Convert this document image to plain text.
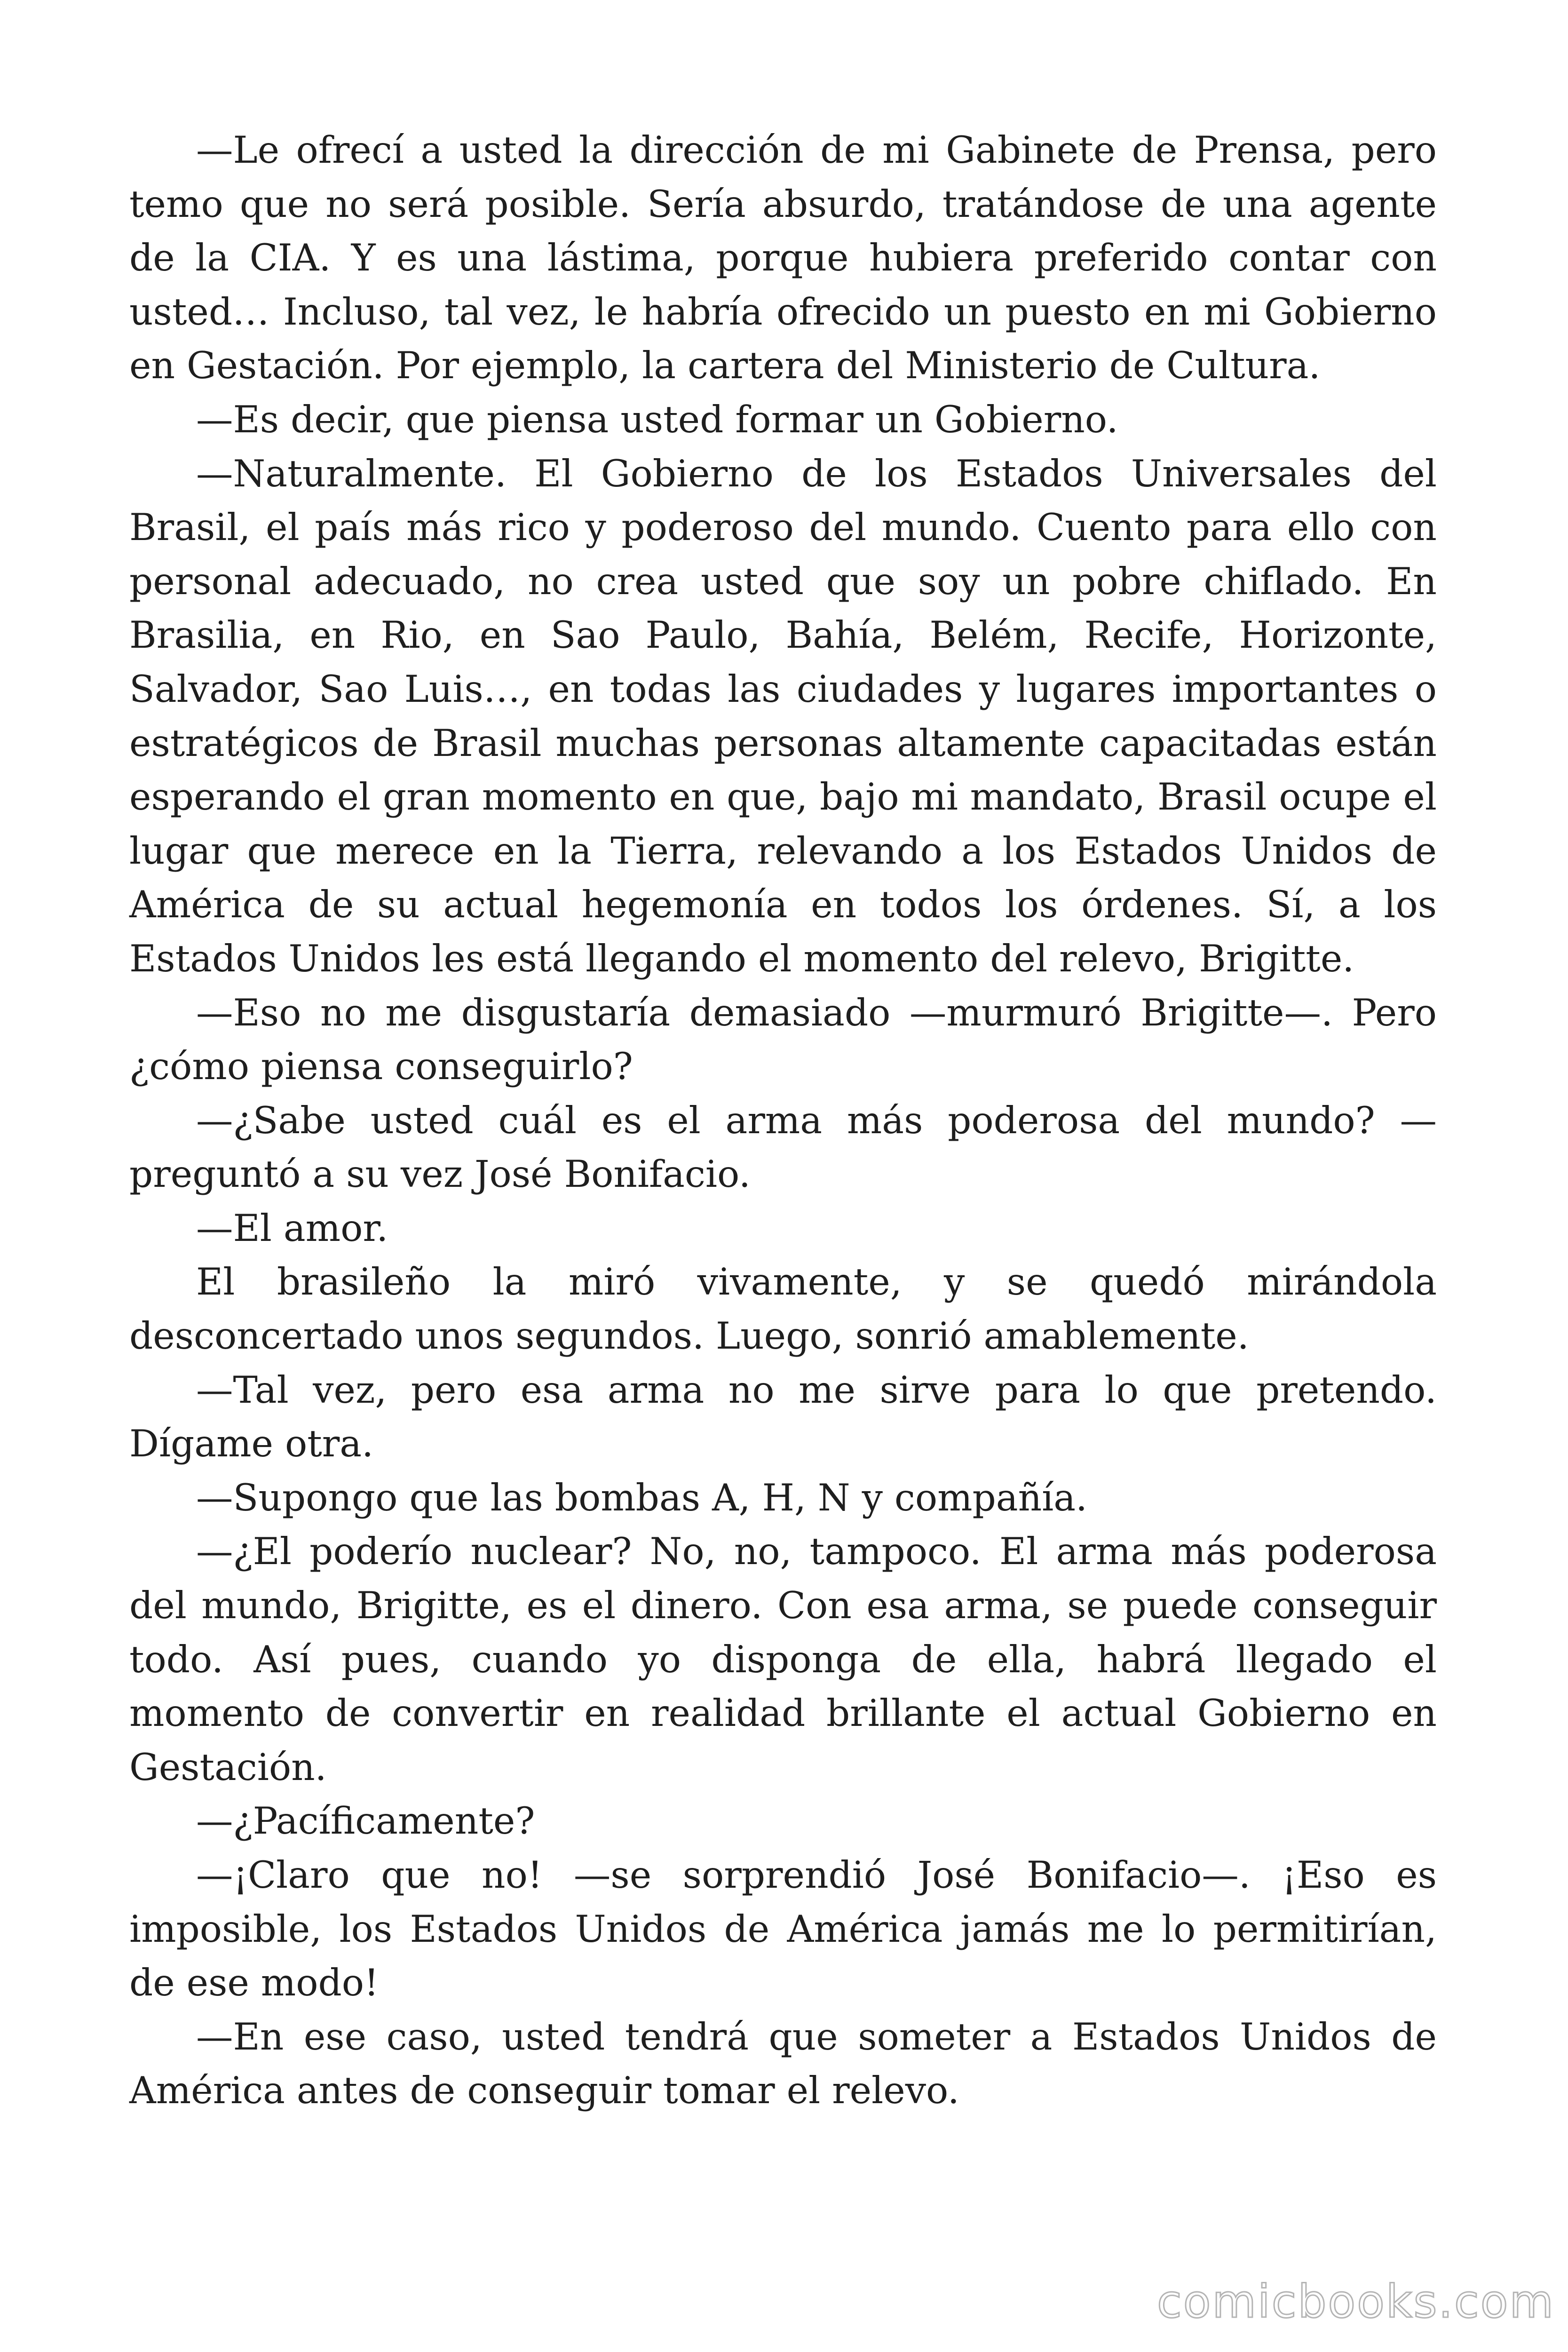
—Le ofrecí a usted la dirección de mi Gabinete de Prensa, pero temo que no será posible. Sería absurdo, tratándose de una agente de la CIA. Y es una lástima, porque hubiera preferido contar con usted… Incluso, tal vez, le habría ofrecido un puesto en mi Gobierno en Gestación. Por ejemplo, la cartera del Ministerio de Cultura.

—Es decir, que piensa usted formar un Gobierno.

—Naturalmente. El Gobierno de los Estados Universales del Brasil, el país más rico y poderoso del mundo. Cuento para ello con personal adecuado, no crea usted que soy un pobre chiflado. En Brasilia, en Rio, en Sao Paulo, Bahía, Belém, Recife, Horizonte, Salvador, Sao Luis…, en todas las ciudades y lugares importantes o estratégicos de Brasil muchas personas altamente capacitadas están esperando el gran momento en que, bajo mi mandato, Brasil ocupe el lugar que merece en la Tierra, relevando a los Estados Unidos de América de su actual hegemonía en todos los órdenes. Sí, a los Estados Unidos les está llegando el momento del relevo, Brigitte.

—Eso no me disgustaría demasiado —murmuró Brigitte—. Pero ¿cómo piensa conseguirlo?

—¿Sabe usted cuál es el arma más poderosa del mundo? —preguntó a su vez José Bonifacio.

—El amor.

El brasileño la miró vivamente, y se quedó mirándola desconcertado unos segundos. Luego, sonrió amablemente.

—Tal vez, pero esa arma no me sirve para lo que pretendo. Dígame otra.

—Supongo que las bombas A, H, N y compañía.

—¿El poderío nuclear? No, no, tampoco. El arma más poderosa del mundo, Brigitte, es el dinero. Con esa arma, se puede conseguir todo. Así pues, cuando yo disponga de ella, habrá llegado el momento de convertir en realidad brillante el actual Gobierno en Gestación.

—¿Pacíficamente?

—¡Claro que no! —se sorprendió José Bonifacio—. ¡Eso es imposible, los Estados Unidos de América jamás me lo permitirían, de ese modo!

—En ese caso, usted tendrá que someter a Estados Unidos de América antes de conseguir tomar el relevo.

comicbooks.com
